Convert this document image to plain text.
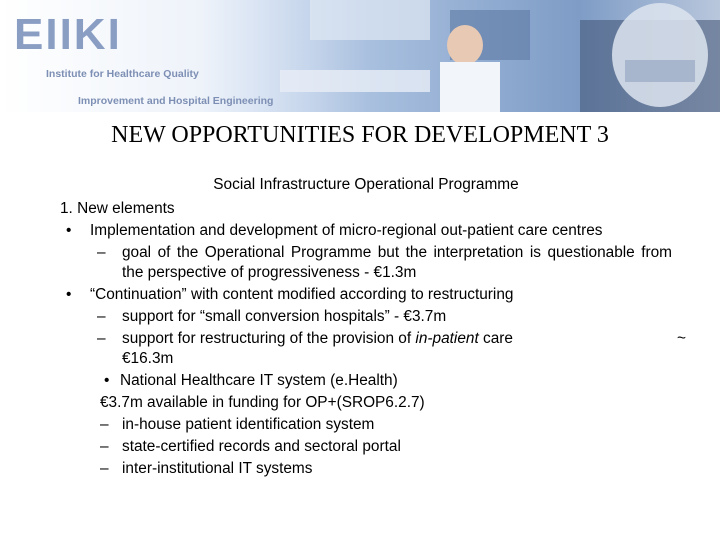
EIIKI
Institute for Healthcare Quality
Improvement and Hospital Engineering
NEW OPPORTUNITIES FOR DEVELOPMENT 3

Social Infrastructure Operational Programme

1. New elements

• Implementation and development of micro-regional out-patient care centres

– goal of the Operational Programme but the interpretation is questionable from the perspective of progressiveness - €1.3m

• “Continuation” with content modified according to restructuring

– support for “small conversion hospitals” - €3.7m

– support for restructuring of the provision of in-patient care	~

€16.3m

• National Healthcare IT system (e.Health)

€3.7m available in funding for OP+(SROP6.2.7)

– in-house patient identification system

– state-certified records and sectoral portal

– inter-institutional IT systems
